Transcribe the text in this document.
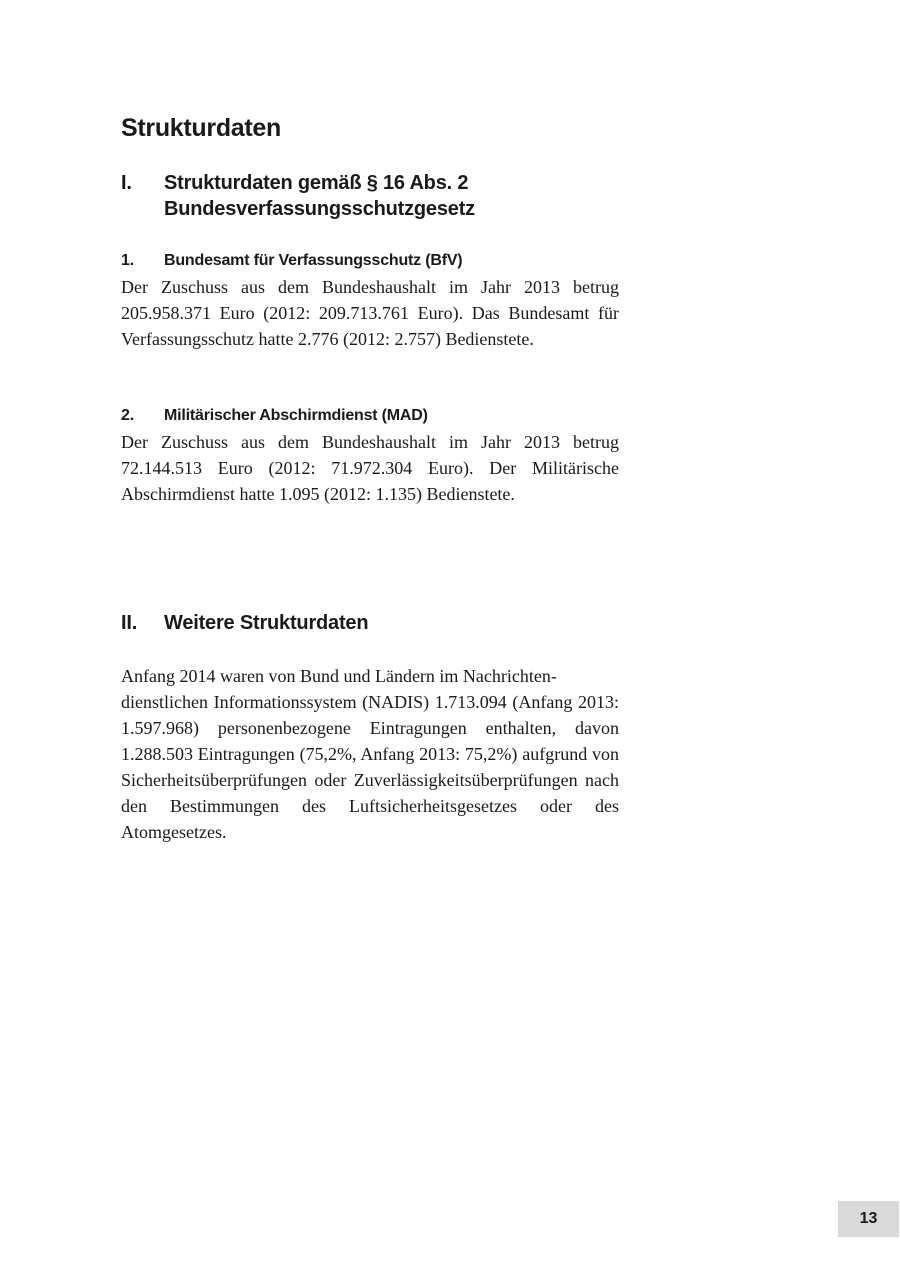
Strukturdaten
I.	Strukturdaten gemäß § 16 Abs. 2
Bundesverfassungsschutzgesetz
1.	Bundesamt für Verfassungsschutz (BfV)

Der Zuschuss aus dem Bundeshaushalt im Jahr 2013 betrug 205.958.371 Euro (2012: 209.713.761 Euro). Das Bundesamt für Verfassungsschutz hatte 2.776 (2012: 2.757) Bedienstete.

2.	Militärischer Abschirmdienst (MAD)

Der Zuschuss aus dem Bundeshaushalt im Jahr 2013 betrug 72.144.513 Euro (2012: 71.972.304 Euro). Der Militärische Abschirmdienst hatte 1.095 (2012: 1.135) Bedienstete.

II.	Weitere Strukturdaten

Anfang 2014 waren von Bund und Ländern im Nachrichten-
dienstlichen Informationssystem (NADIS) 1.713.094 (Anfang 2013: 1.597.968) personenbezogene Eintragungen enthalten, davon 1.288.503 Eintragungen (75,2%, Anfang 2013: 75,2%) aufgrund von Sicherheitsüberprüfungen oder Zuverlässigkeitsüberprüfungen nach den Bestimmungen des Luftsicherheitsgesetzes oder des Atomgesetzes.

13
